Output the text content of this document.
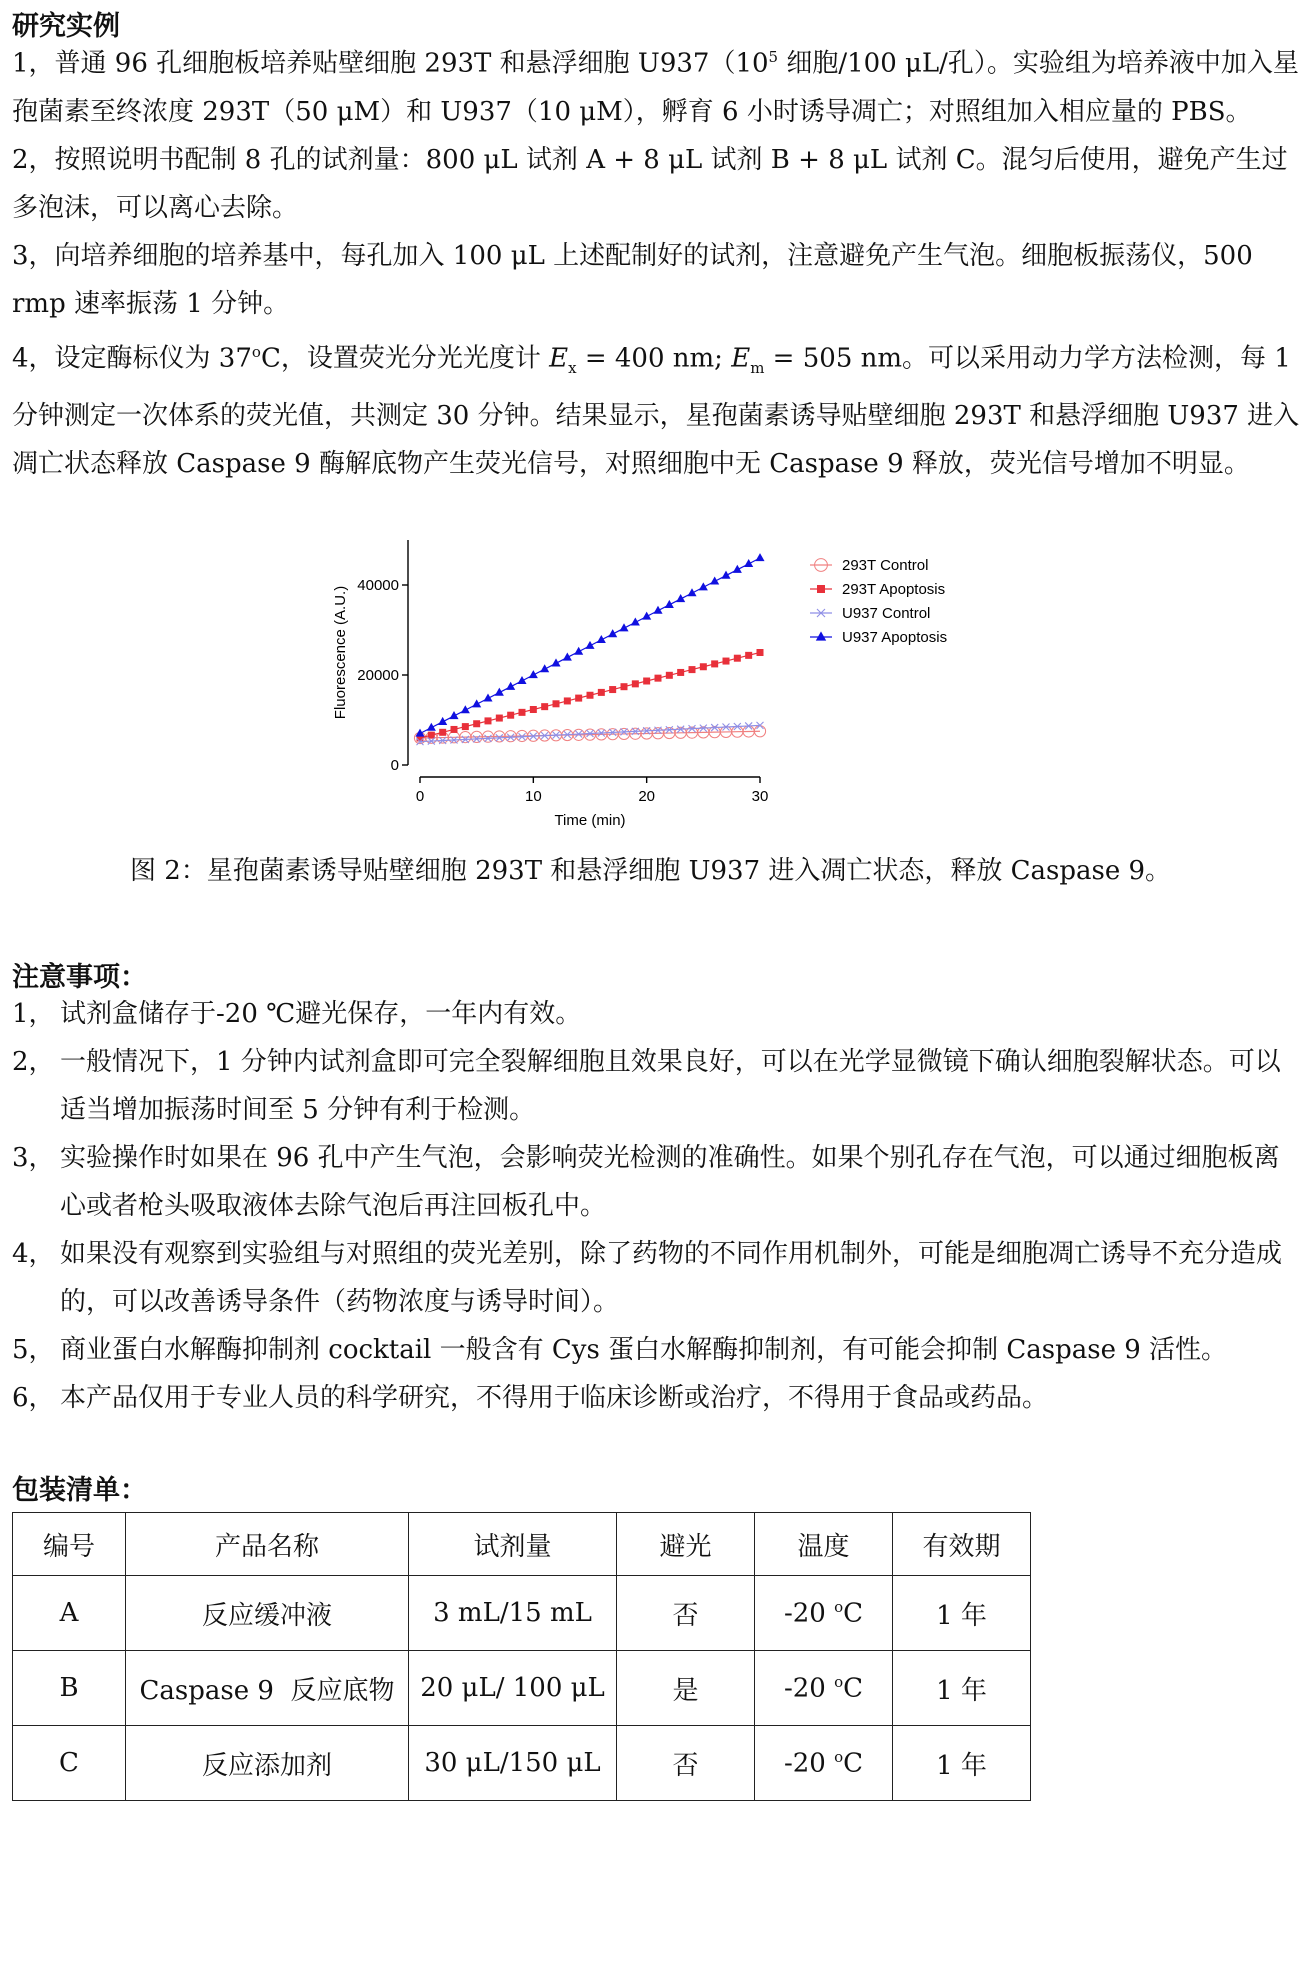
研究实例

1，普通 96 孔细胞板培养贴壁细胞 293T 和悬浮细胞 $U937(10^5$ 细胞/100 μL/孔）。实验组为培养液中加入星孢菌素至终浓度 293T（50 μM）和 U937（10 μM），孵育 6 小时诱导凋亡；对照组加入相应量的 PBS。

2，按照说明书配制 8 孔的试剂量：800 μL 试剂 A + 8 μL 试剂 B + 8 μL 试剂 C。混匀后使用，避免产生过多泡沫，可以离心去除。

3，向培养细胞的培养基中，每孔加入 100 μL 上述配制好的试剂，注意避免产生气泡。细胞板振荡仪，500 rmp 速率振荡 1 分钟。

4，设定酶标仪为 37$^o$C，设置荧光分光光度计 $E_x = 400$ nm; $E_m = 505$ nm。可以采用动力学方法检测，每 1 分钟测定一次体系的荧光值，共测定 30 分钟。结果显示，星孢菌素诱导贴壁细胞 293T 和悬浮细胞 U937 进入凋亡状态释放 Caspase 9 酶解底物产生荧光信号，对照细胞中无 Caspase 9 释放，荧光信号增加不明显。

0
20000
40000
0	10	20	30
Time (min)
Fluorescence (A.U.)
293T Control
293T Apoptosis
U937 Control
U937 Apoptosis
图 2：星孢菌素诱导贴壁细胞 293T 和悬浮细胞 U937 进入凋亡状态，释放 Caspase 9。
注意事项：
1， 试剂盒储存于-20 ℃避光保存，一年内有效。
2， 一般情况下，1 分钟内试剂盒即可完全裂解细胞且效果良好，可以在光学显微镜下确认细胞裂解状态。可以适当增加振荡时间至 5 分钟有利于检测。
3， 实验操作时如果在 96 孔中产生气泡，会影响荧光检测的准确性。如果个别孔存在气泡，可以通过细胞板离心或者枪头吸取液体去除气泡后再注回板孔中。
4， 如果没有观察到实验组与对照组的荧光差别，除了药物的不同作用机制外，可能是细胞凋亡诱导不充分造成的，可以改善诱导条件（药物浓度与诱导时间）。
5， 商业蛋白水解酶抑制剂 cocktail 一般含有 Cys 蛋白水解酶抑制剂，有可能会抑制 Caspase 9 活性。
6， 本产品仅用于专业人员的科学研究，不得用于临床诊断或治疗，不得用于食品或药品。
包装清单：
编号	产品名称	试剂量	避光	温度	有效期
A	反应缓冲液	3 mL/15 mL	否	-20 $^o$C	1 年
B	Caspase 9  反应底物	20 μL/ 100 μL	是	-20 $^o$C	1 年
C	反应添加剂	30 μL/150 μL	否	-20 $^o$C	1 年
